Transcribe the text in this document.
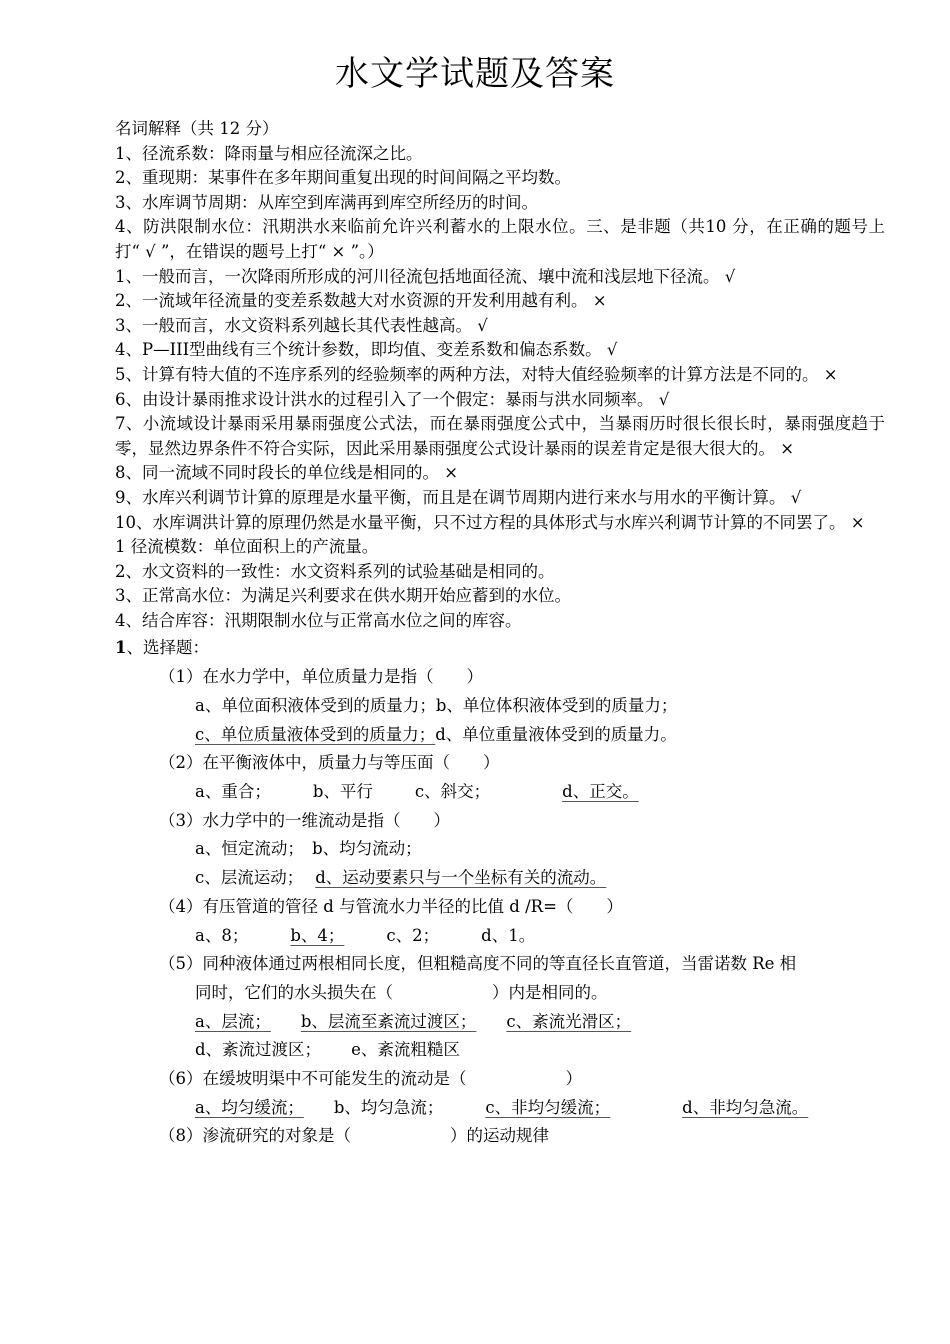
水文学试题及答案

名词解释（共 12 分）

1、径流系数：降雨量与相应径流深之比。

2、重现期：某事件在多年期间重复出现的时间间隔之平均数。

3、水库调节周期：从库空到库满再到库空所经历的时间。

4、防洪限制水位：汛期洪水来临前允许兴利蓄水的上限水位。三、是非题（共10 分，在正确的题号上打“ √ ”，在错误的题号上打“ × ”。）

1、一般而言，一次降雨所形成的河川径流包括地面径流、壤中流和浅层地下径流。 √

2、一流域年径流量的变差系数越大对水资源的开发利用越有利。 ×

3、一般而言，水文资料系列越长其代表性越高。 √

4、P—III型曲线有三个统计参数，即均值、变差系数和偏态系数。 √

5、计算有特大值的不连序系列的经验频率的两种方法，对特大值经验频率的计算方法是不同的。 ×

6、由设计暴雨推求设计洪水的过程引入了一个假定：暴雨与洪水同频率。 √

7、小流域设计暴雨采用暴雨强度公式法，而在暴雨强度公式中，当暴雨历时很长很长时，暴雨强度趋于零，显然边界条件不符合实际，因此采用暴雨强度公式设计暴雨的误差肯定是很大很大的。 ×

8、同一流域不同时段长的单位线是相同的。 ×

9、水库兴利调节计算的原理是水量平衡，而且是在调节周期内进行来水与用水的平衡计算。 √

10、水库调洪计算的原理仍然是水量平衡，只不过方程的具体形式与水库兴利调节计算的不同罢了。 ×

1 径流模数：单位面积上的产流量。

2、水文资料的一致性：水文资料系列的试验基础是相同的。

3、正常高水位：为满足兴利要求在供水期开始应蓄到的水位。

4、结合库容：汛期限制水位与正常高水位之间的库容。

1、选择题：

（1）在水力学中，单位质量力是指（　　）

a、单位面积液体受到的质量力；b、单位体积液体受到的质量力；

c、单位质量液体受到的质量力；d、单位重量液体受到的质量力。

（2）在平衡液体中，质量力与等压面（　　）

a、重合；	b、平行	c、斜交；	d、正交。

（3）水力学中的一维流动是指（　　）

a、恒定流动；　b、均匀流动；

c、层流运动； d、运动要素只与一个坐标有关的流动。

（4）有压管道的管径 d 与管流水力半径的比值 d /R=（　　）

a、8；	b、4；	c、2；	d、1。

（5）同种液体通过两根相同长度，但粗糙高度不同的等直径长直管道，当雷诺数 Re 相

同时，它们的水头损失在（　　　　　　）内是相同的。

a、层流； b、层流至紊流过渡区； c、紊流光滑区；

d、紊流过渡区； e、紊流粗糙区

（6）在缓坡明渠中不可能发生的流动是（　　　　　　）

a、均匀缓流； b、均匀急流；	c、非均匀缓流；	d、非均匀急流。

（8）渗流研究的对象是（　　　　　　）的运动规律
